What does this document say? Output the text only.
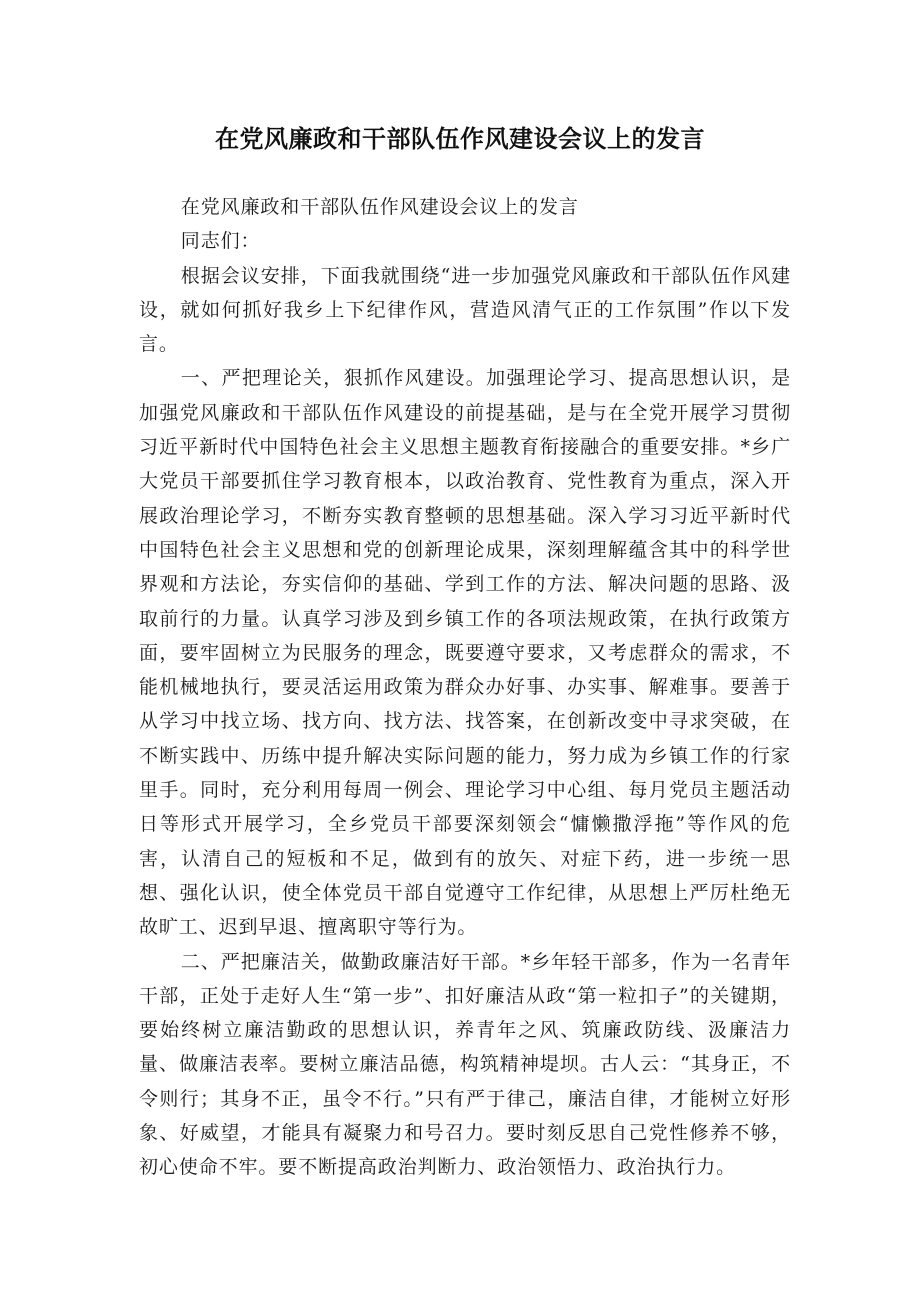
在党风廉政和干部队伍作风建设会议上的发言

在党风廉政和干部队伍作风建设会议上的发言

同志们：

根据会议安排，下面我就围绕“进一步加强党风廉政和干部队伍作风建设，就如何抓好我乡上下纪律作风，营造风清气正的工作氛围”作以下发言。

一、严把理论关，狠抓作风建设。加强理论学习、提高思想认识，是加强党风廉政和干部队伍作风建设的前提基础，是与在全党开展学习贯彻习近平新时代中国特色社会主义思想主题教育衔接融合的重要安排。*乡广大党员干部要抓住学习教育根本，以政治教育、党性教育为重点，深入开展政治理论学习，不断夯实教育整顿的思想基础。深入学习习近平新时代中国特色社会主义思想和党的创新理论成果，深刻理解蕴含其中的科学世界观和方法论，夯实信仰的基础、学到工作的方法、解决问题的思路、汲取前行的力量。认真学习涉及到乡镇工作的各项法规政策，在执行政策方面，要牢固树立为民服务的理念，既要遵守要求，又考虑群众的需求，不能机械地执行，要灵活运用政策为群众办好事、办实事、解难事。要善于从学习中找立场、找方向、找方法、找答案，在创新改变中寻求突破，在不断实践中、历练中提升解决实际问题的能力，努力成为乡镇工作的行家里手。同时，充分利用每周一例会、理论学习中心组、每月党员主题活动日等形式开展学习，全乡党员干部要深刻领会“慵懒撒浮拖”等作风的危害，认清自己的短板和不足，做到有的放矢、对症下药，进一步统一思想、强化认识，使全体党员干部自觉遵守工作纪律，从思想上严厉杜绝无故旷工、迟到早退、擅离职守等行为。

二、严把廉洁关，做勤政廉洁好干部。*乡年轻干部多，作为一名青年干部，正处于走好人生“第一步”、扣好廉洁从政“第一粒扣子”的关键期，要始终树立廉洁勤政的思想认识，养青年之风、筑廉政防线、汲廉洁力量、做廉洁表率。要树立廉洁品德，构筑精神堤坝。古人云：“其身正，不令则行；其身不正，虽令不行。”只有严于律己，廉洁自律，才能树立好形象、好威望，才能具有凝聚力和号召力。要时刻反思自己党性修养不够，初心使命不牢。要不断提高政治判断力、政治领悟力、政治执行力。
